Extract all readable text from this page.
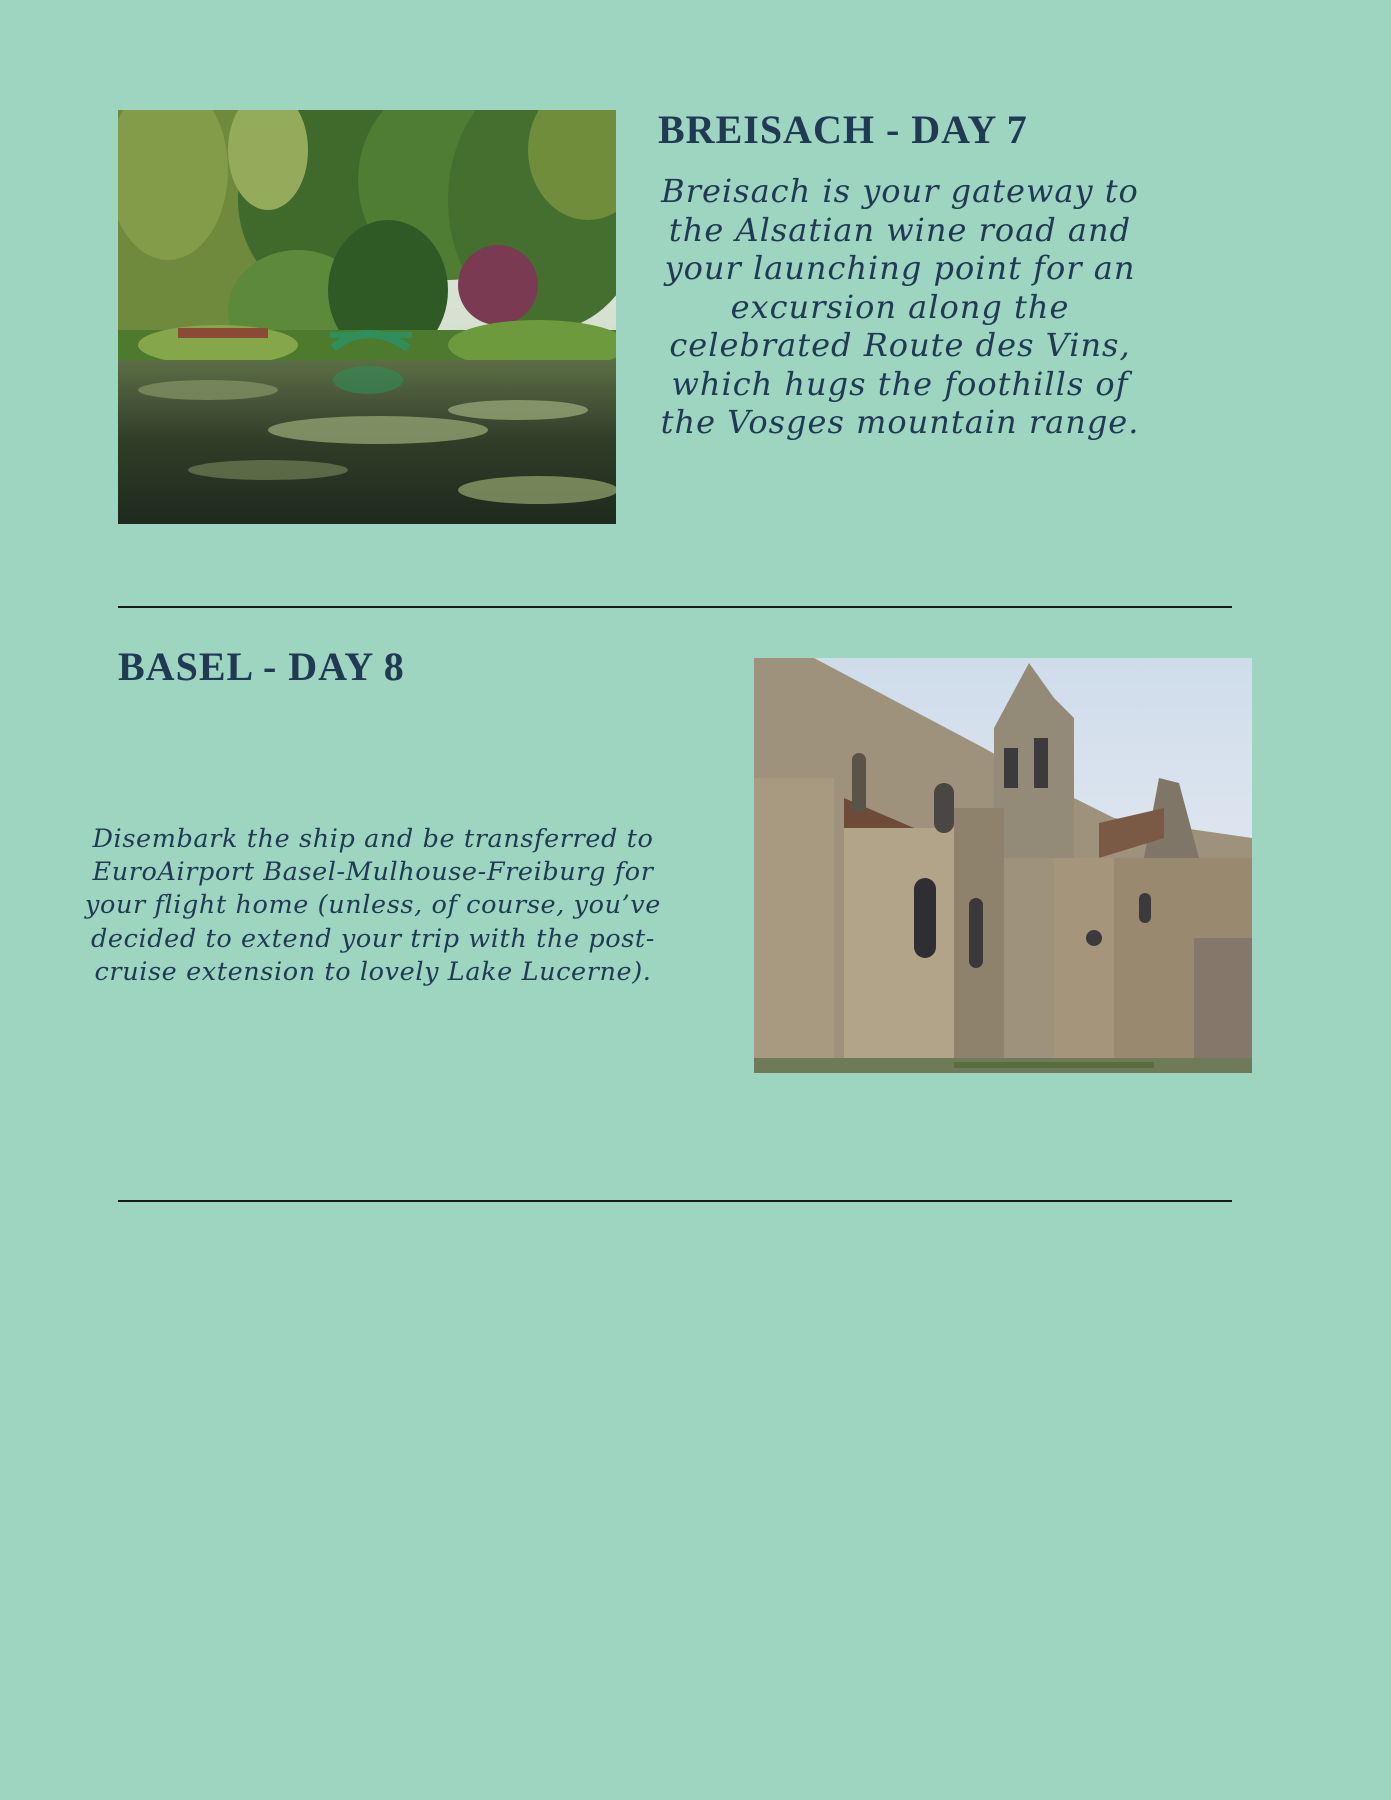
BREISACH - DAY 7

Breisach is your gateway to the Alsatian wine road and your launching point for an excursion along the celebrated Route des Vins, which hugs the foothills of the Vosges mountain range.

BASEL - DAY 8

Disembark the ship and be transferred to EuroAirport Basel-Mulhouse-Freiburg for your flight home (unless, of course, you’ve decided to extend your trip with the post-cruise extension to lovely Lake Lucerne).
